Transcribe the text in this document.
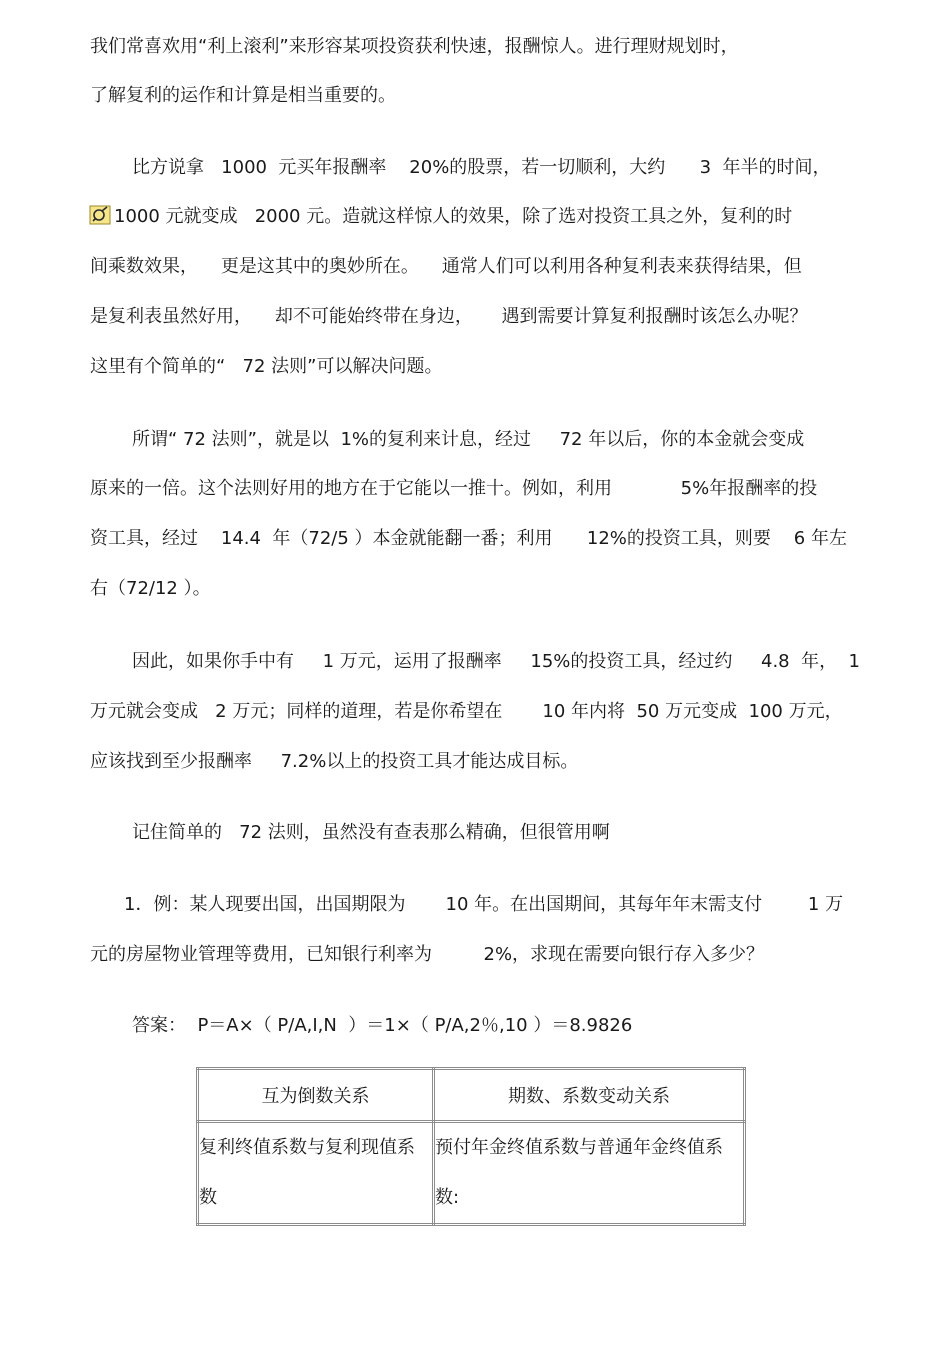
我们常喜欢用“利上滚利”来形容某项投资获利快速，报酬惊人。进行理财规划时，

了解复利的运作和计算是相当重要的。

比方说拿   1000  元买年报酬率    20%的股票，若一切顺利，大约      3  年半的时间，

1000 元就变成   2000 元。造就这样惊人的效果，除了选对投资工具之外，复利的时

间乘数效果，    更是这其中的奥妙所在。    通常人们可以利用各种复利表来获得结果，但

是复利表虽然好用，    却不可能始终带在身边，     遇到需要计算复利报酬时该怎么办呢？

这里有个简单的“   72 法则”可以解决问题。

所谓“ 72 法则”，就是以  1%的复利来计息，经过     72 年以后，你的本金就会变成

原来的一倍。这个法则好用的地方在于它能以一推十。例如，利用            5%年报酬率的投

资工具，经过    14.4  年（72/5 ）本金就能翻一番；利用      12%的投资工具，则要    6 年左

右（72/12 ）。

因此，如果你手中有     1 万元，运用了报酬率     15%的投资工具，经过约     4.8  年，  1

万元就会变成   2 万元；同样的道理，若是你希望在       10 年内将  50 万元变成  100 万元，

应该找到至少报酬率     7.2%以上的投资工具才能达成目标。

记住简单的   72 法则，虽然没有查表那么精确，但很管用啊

1．例：某人现要出国，出国期限为       10 年。在出国期间，其每年年末需支付        1 万

元的房屋物业管理等费用，已知银行利率为         2%，求现在需要向银行存入多少？

答案：  P＝A×（ P/A,I,N  ）＝1×（ P/A,2％,10 ）＝8.9826

互为倒数关系	期数、系数变动关系
复利终值系数与复利现值系数	预付年金终值系数与普通年金终值系数:
